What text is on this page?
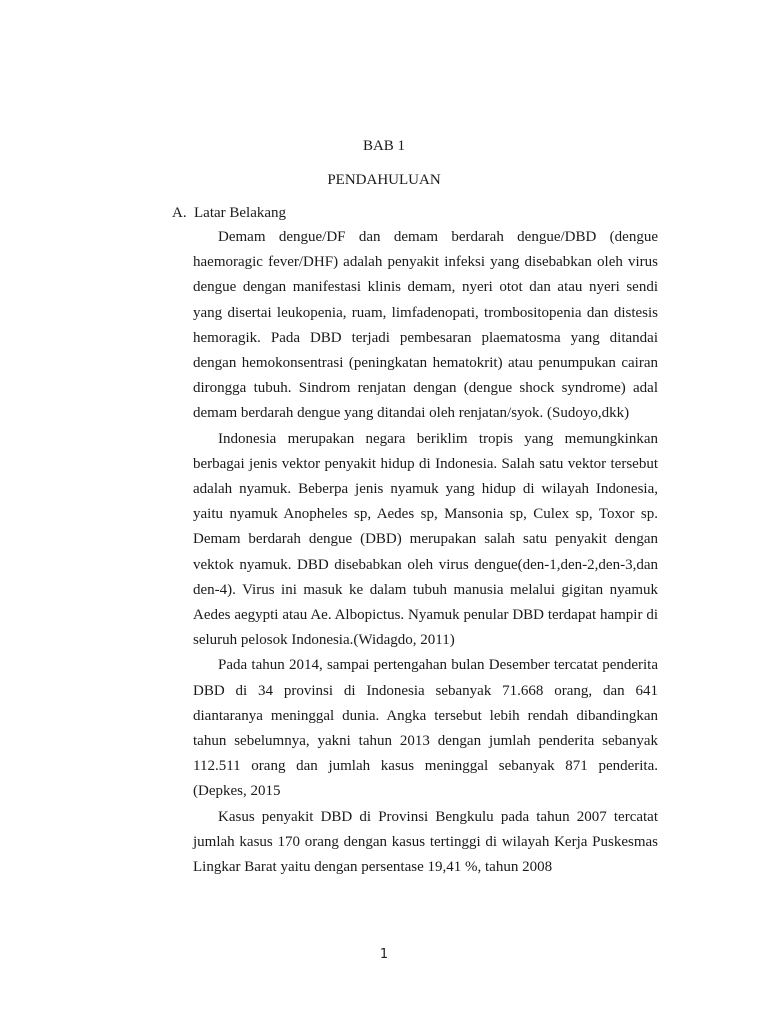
BAB 1
PENDAHULUAN
A. Latar Belakang

Demam dengue/DF dan demam berdarah dengue/DBD (dengue haemoragic fever/DHF) adalah penyakit infeksi yang disebabkan oleh virus dengue dengan manifestasi klinis demam, nyeri otot dan atau nyeri sendi yang disertai leukopenia, ruam, limfadenopati, trombositopenia dan distesis hemoragik. Pada DBD terjadi pembesaran plaematosma yang ditandai dengan hemokonsentrasi (peningkatan hematokrit) atau penumpukan cairan dirongga tubuh. Sindrom renjatan dengan (dengue shock syndrome) adal demam berdarah dengue yang ditandai oleh renjatan/syok. (Sudoyo,dkk)

Indonesia merupakan negara beriklim tropis yang memungkinkan berbagai jenis vektor penyakit hidup di Indonesia. Salah satu vektor tersebut adalah nyamuk. Beberpa jenis nyamuk yang hidup di wilayah Indonesia, yaitu nyamuk Anopheles sp, Aedes sp, Mansonia sp, Culex sp, Toxor sp. Demam berdarah dengue (DBD) merupakan salah satu penyakit dengan vektok nyamuk. DBD disebabkan oleh virus dengue(den-1,den-2,den-3,dan den-4). Virus ini masuk ke dalam tubuh manusia melalui gigitan nyamuk Aedes aegypti atau Ae. Albopictus. Nyamuk penular DBD terdapat hampir di seluruh pelosok Indonesia.(Widagdo, 2011)

Pada tahun 2014, sampai pertengahan bulan Desember tercatat penderita DBD di 34 provinsi di Indonesia sebanyak 71.668 orang, dan 641 diantaranya meninggal dunia. Angka tersebut lebih rendah dibandingkan tahun sebelumnya, yakni tahun 2013 dengan jumlah penderita sebanyak 112.511 orang dan jumlah kasus meninggal sebanyak 871 penderita. (Depkes, 2015

Kasus penyakit DBD di Provinsi Bengkulu pada tahun 2007 tercatat jumlah kasus 170 orang dengan kasus tertinggi di wilayah Kerja Puskesmas Lingkar Barat yaitu dengan persentase 19,41 %, tahun 2008

1
